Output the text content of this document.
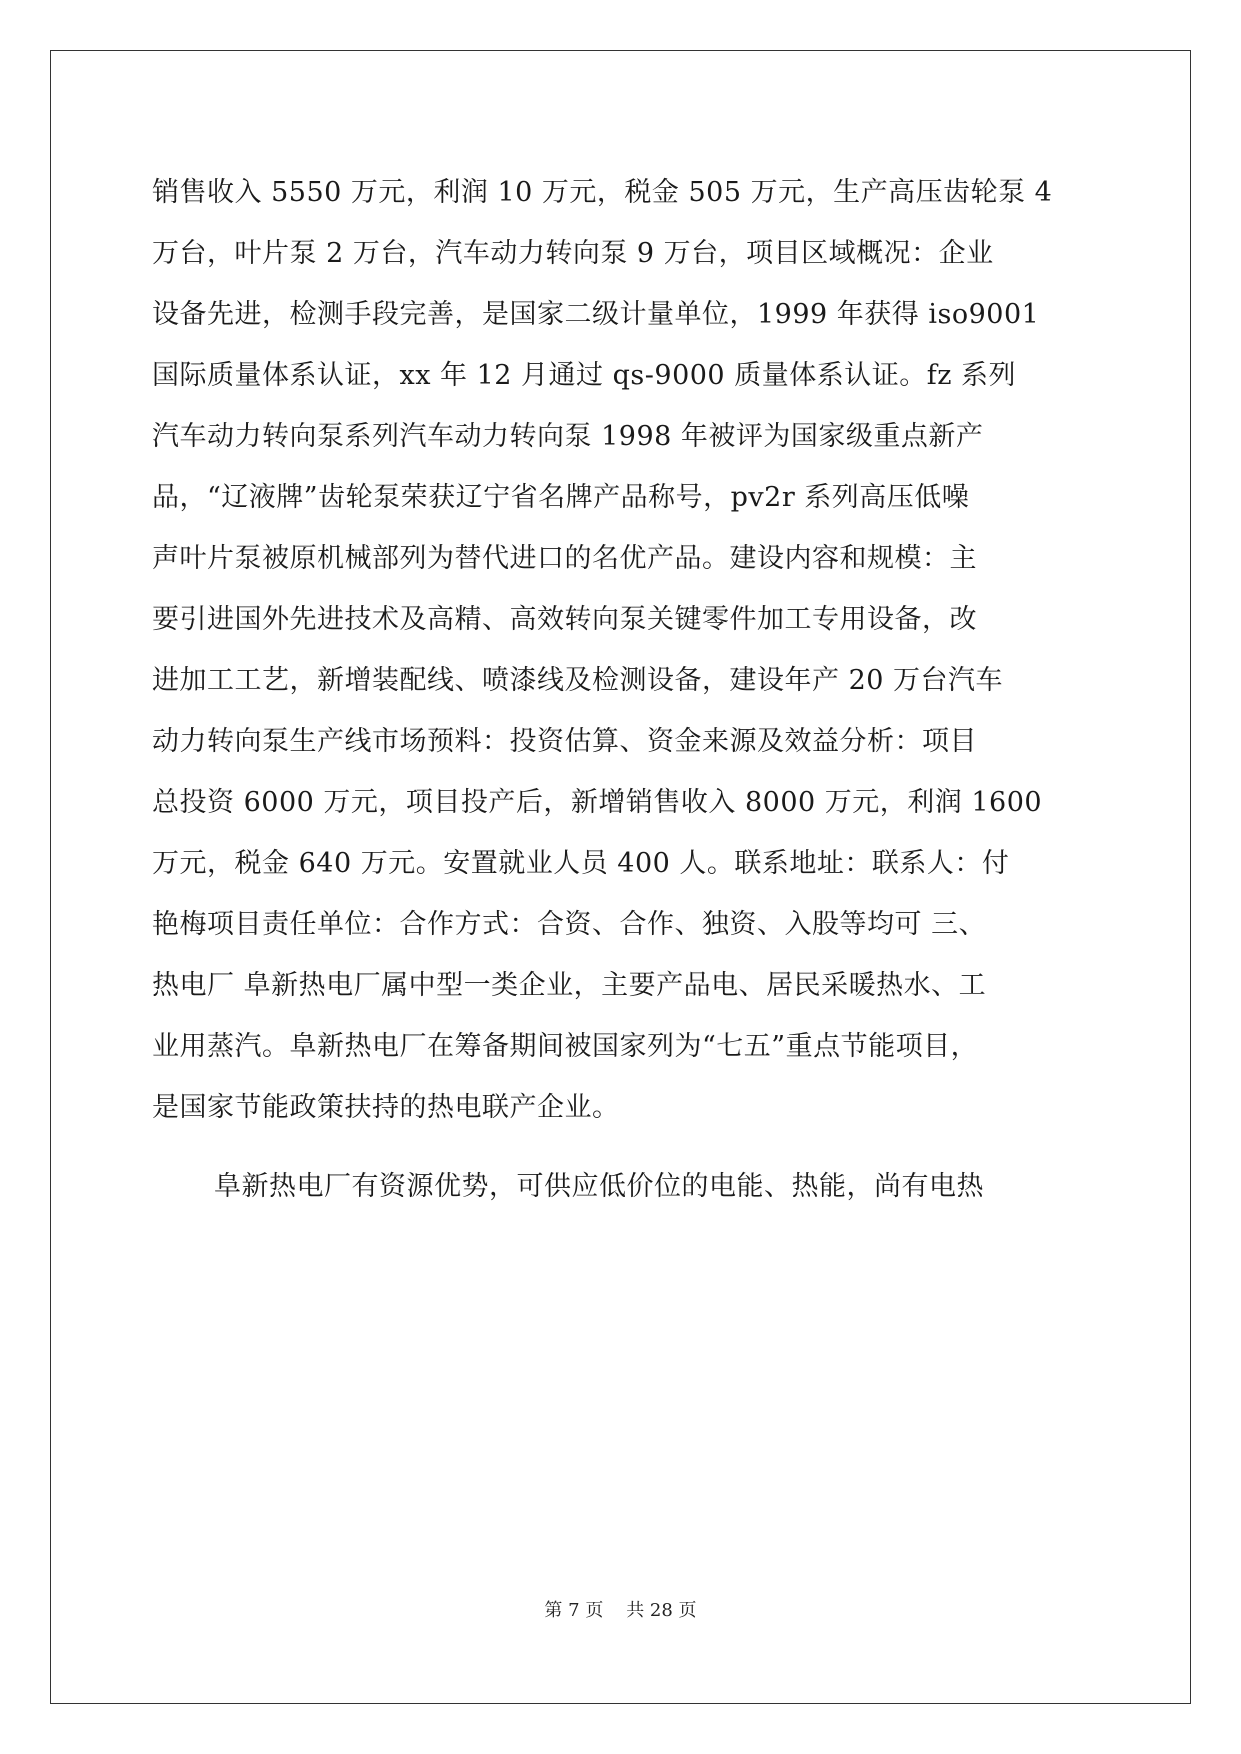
销售收入 5550 万元，利润 10 万元，税金 505 万元，生产高压齿轮泵 4
万台，叶片泵 2 万台，汽车动力转向泵 9 万台，项目区域概况：企业
设备先进，检测手段完善，是国家二级计量单位，1999 年获得 iso9001
国际质量体系认证，xx 年 12 月通过 qs-9000 质量体系认证。fz 系列
汽车动力转向泵系列汽车动力转向泵 1998 年被评为国家级重点新产
品，“辽液牌”齿轮泵荣获辽宁省名牌产品称号，pv2r 系列高压低噪
声叶片泵被原机械部列为替代进口的名优产品。建设内容和规模：主
要引进国外先进技术及高精、高效转向泵关键零件加工专用设备，改
进加工工艺，新增装配线、喷漆线及检测设备，建设年产 20 万台汽车
动力转向泵生产线市场预料：投资估算、资金来源及效益分析：项目
总投资 6000 万元，项目投产后，新增销售收入 8000 万元，利润 1600
万元，税金 640 万元。安置就业人员 400 人。联系地址：联系人：付
艳梅项目责任单位：合作方式：合资、合作、独资、入股等均可 三、
热电厂 阜新热电厂属中型一类企业，主要产品电、居民采暖热水、工
业用蒸汽。阜新热电厂在筹备期间被国家列为“七五”重点节能项目，
是国家节能政策扶持的热电联产企业。
阜新热电厂有资源优势，可供应低价位的电能、热能，尚有电热
第 7 页    共 28 页
